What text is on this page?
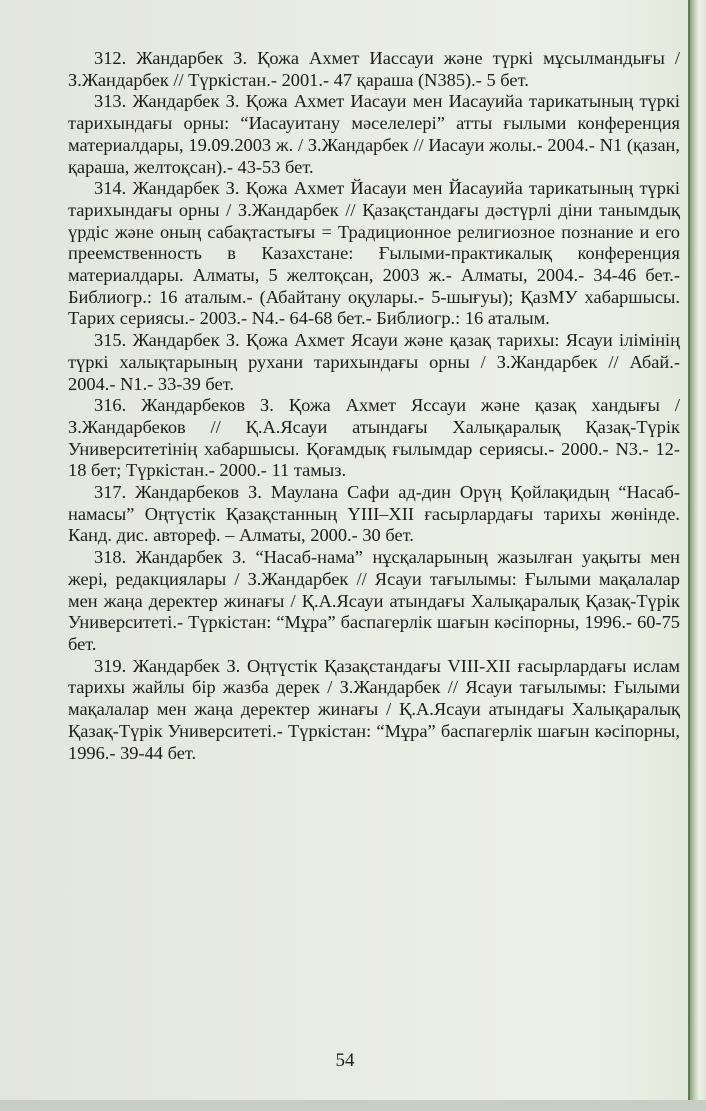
312. Жандарбек З. Қожа Ахмет Иассауи және түркі мұсылмандығы / З.Жандарбек // Түркістан.- 2001.- 47 қараша (N385).- 5 бет.

313. Жандарбек З. Қожа Ахмет Иасауи мен Иасауийа тарикатының түркі тарихындағы орны: “Иасауитану мәселелері” атты ғылыми конференция материалдары, 19.09.2003 ж. / З.Жандарбек // Иасауи жолы.- 2004.- N1 (қазан, қараша, желтоқсан).- 43-53 бет.

314. Жандарбек З. Қожа Ахмет Йасауи мен Йасауийа тарикатының түркі тарихындағы орны / З.Жандарбек // Қазақстандағы дәстүрлі діни танымдық үрдіс және оның сабақтастығы = Традиционное религиозное познание и его преемственность в Казахстане: Ғылыми-практикалық конференция материалдары. Алматы, 5 желтоқсан, 2003 ж.- Алматы, 2004.- 34-46 бет.- Библиогр.: 16 аталым.- (Абайтану оқулары.- 5-шығуы); ҚазМУ хабаршысы. Тарих сериясы.- 2003.- N4.- 64-68 бет.- Библиогр.: 16 аталым.

315. Жандарбек З. Қожа Ахмет Ясауи және қазақ тарихы: Ясауи ілімінің түркі халықтарының рухани тарихындағы орны / З.Жандарбек // Абай.- 2004.- N1.- 33-39 бет.

316. Жандарбеков З. Қожа Ахмет Яссауи және қазақ хандығы / З.Жандарбеков // Қ.А.Ясауи атындағы Халықаралық Қазақ-Түрік Университетінің хабаршысы. Қоғамдық ғылымдар сериясы.- 2000.- N3.- 12-18 бет; Түркістан.- 2000.- 11 тамыз.

317. Жандарбеков З. Маулана Сафи ад-дин Орүң Қойлақидың “Насаб-намасы” Оңтүстік Қазақстанның YIII–XII ғасырлардағы тарихы жөнінде. Канд. дис. автореф. – Алматы, 2000.- 30 бет.

318. Жандарбек З. “Насаб-нама” нұсқаларының жазылған уақыты мен жері, редакциялары / З.Жандарбек // Ясауи тағылымы: Ғылыми мақалалар мен жаңа деректер жинағы / Қ.А.Ясауи атындағы Халықаралық Қазақ-Түрік Университеті.- Түркістан: “Мұра” баспагерлік шағын кәсіпорны, 1996.- 60-75 бет.

319. Жандарбек З. Оңтүстік Қазақстандағы VIII-XII ғасырлардағы ислам тарихы жайлы бір жазба дерек / З.Жандарбек // Ясауи тағылымы: Ғылыми мақалалар мен жаңа деректер жинағы / Қ.А.Ясауи атындағы Халықаралық Қазақ-Түрік Университеті.- Түркістан: “Мұра” баспагерлік шағын кәсіпорны, 1996.- 39-44 бет.

54
